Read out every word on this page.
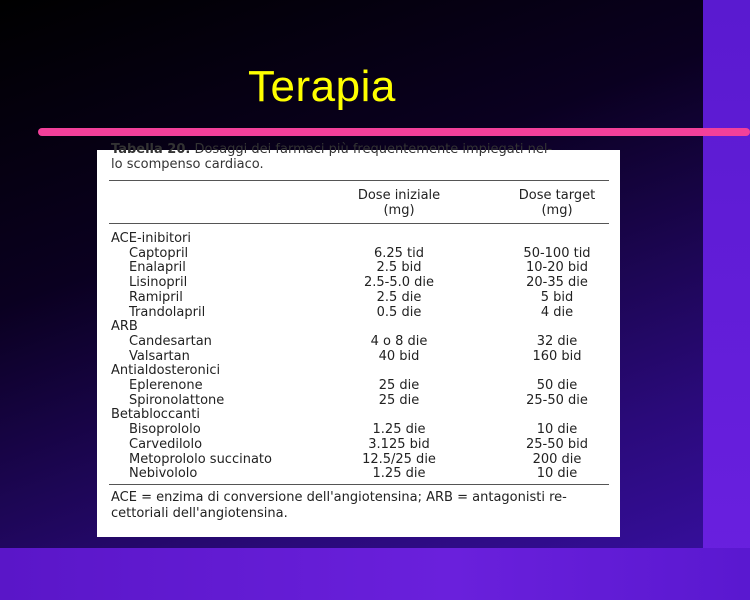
Terapia
Tabella 20. Dosaggi dei farmaci più frequentemente impiegati nel-
lo scompenso cardiaco.
Dose iniziale
(mg)
Dose target
(mg)
ACE-inibitori
Captopril	6.25 tid	50-100 tid
Enalapril	2.5 bid	10-20 bid
Lisinopril	2.5-5.0 die	20-35 die
Ramipril	2.5 die	5 bid
Trandolapril	0.5 die	4 die
ARB
Candesartan	4 o 8 die	32 die
Valsartan	40 bid	160 bid
Antialdosteronici
Eplerenone	25 die	50 die
Spironolattone	25 die	25-50 die
Betabloccanti
Bisoprololo	1.25 die	10 die
Carvedilolo	3.125 bid	25-50 bid
Metoprololo succinato	12.5/25 die	200 die
Nebivololo	1.25 die	10 die
ACE = enzima di conversione dell'angiotensina; ARB = antagonisti re-
cettoriali dell'angiotensina.
